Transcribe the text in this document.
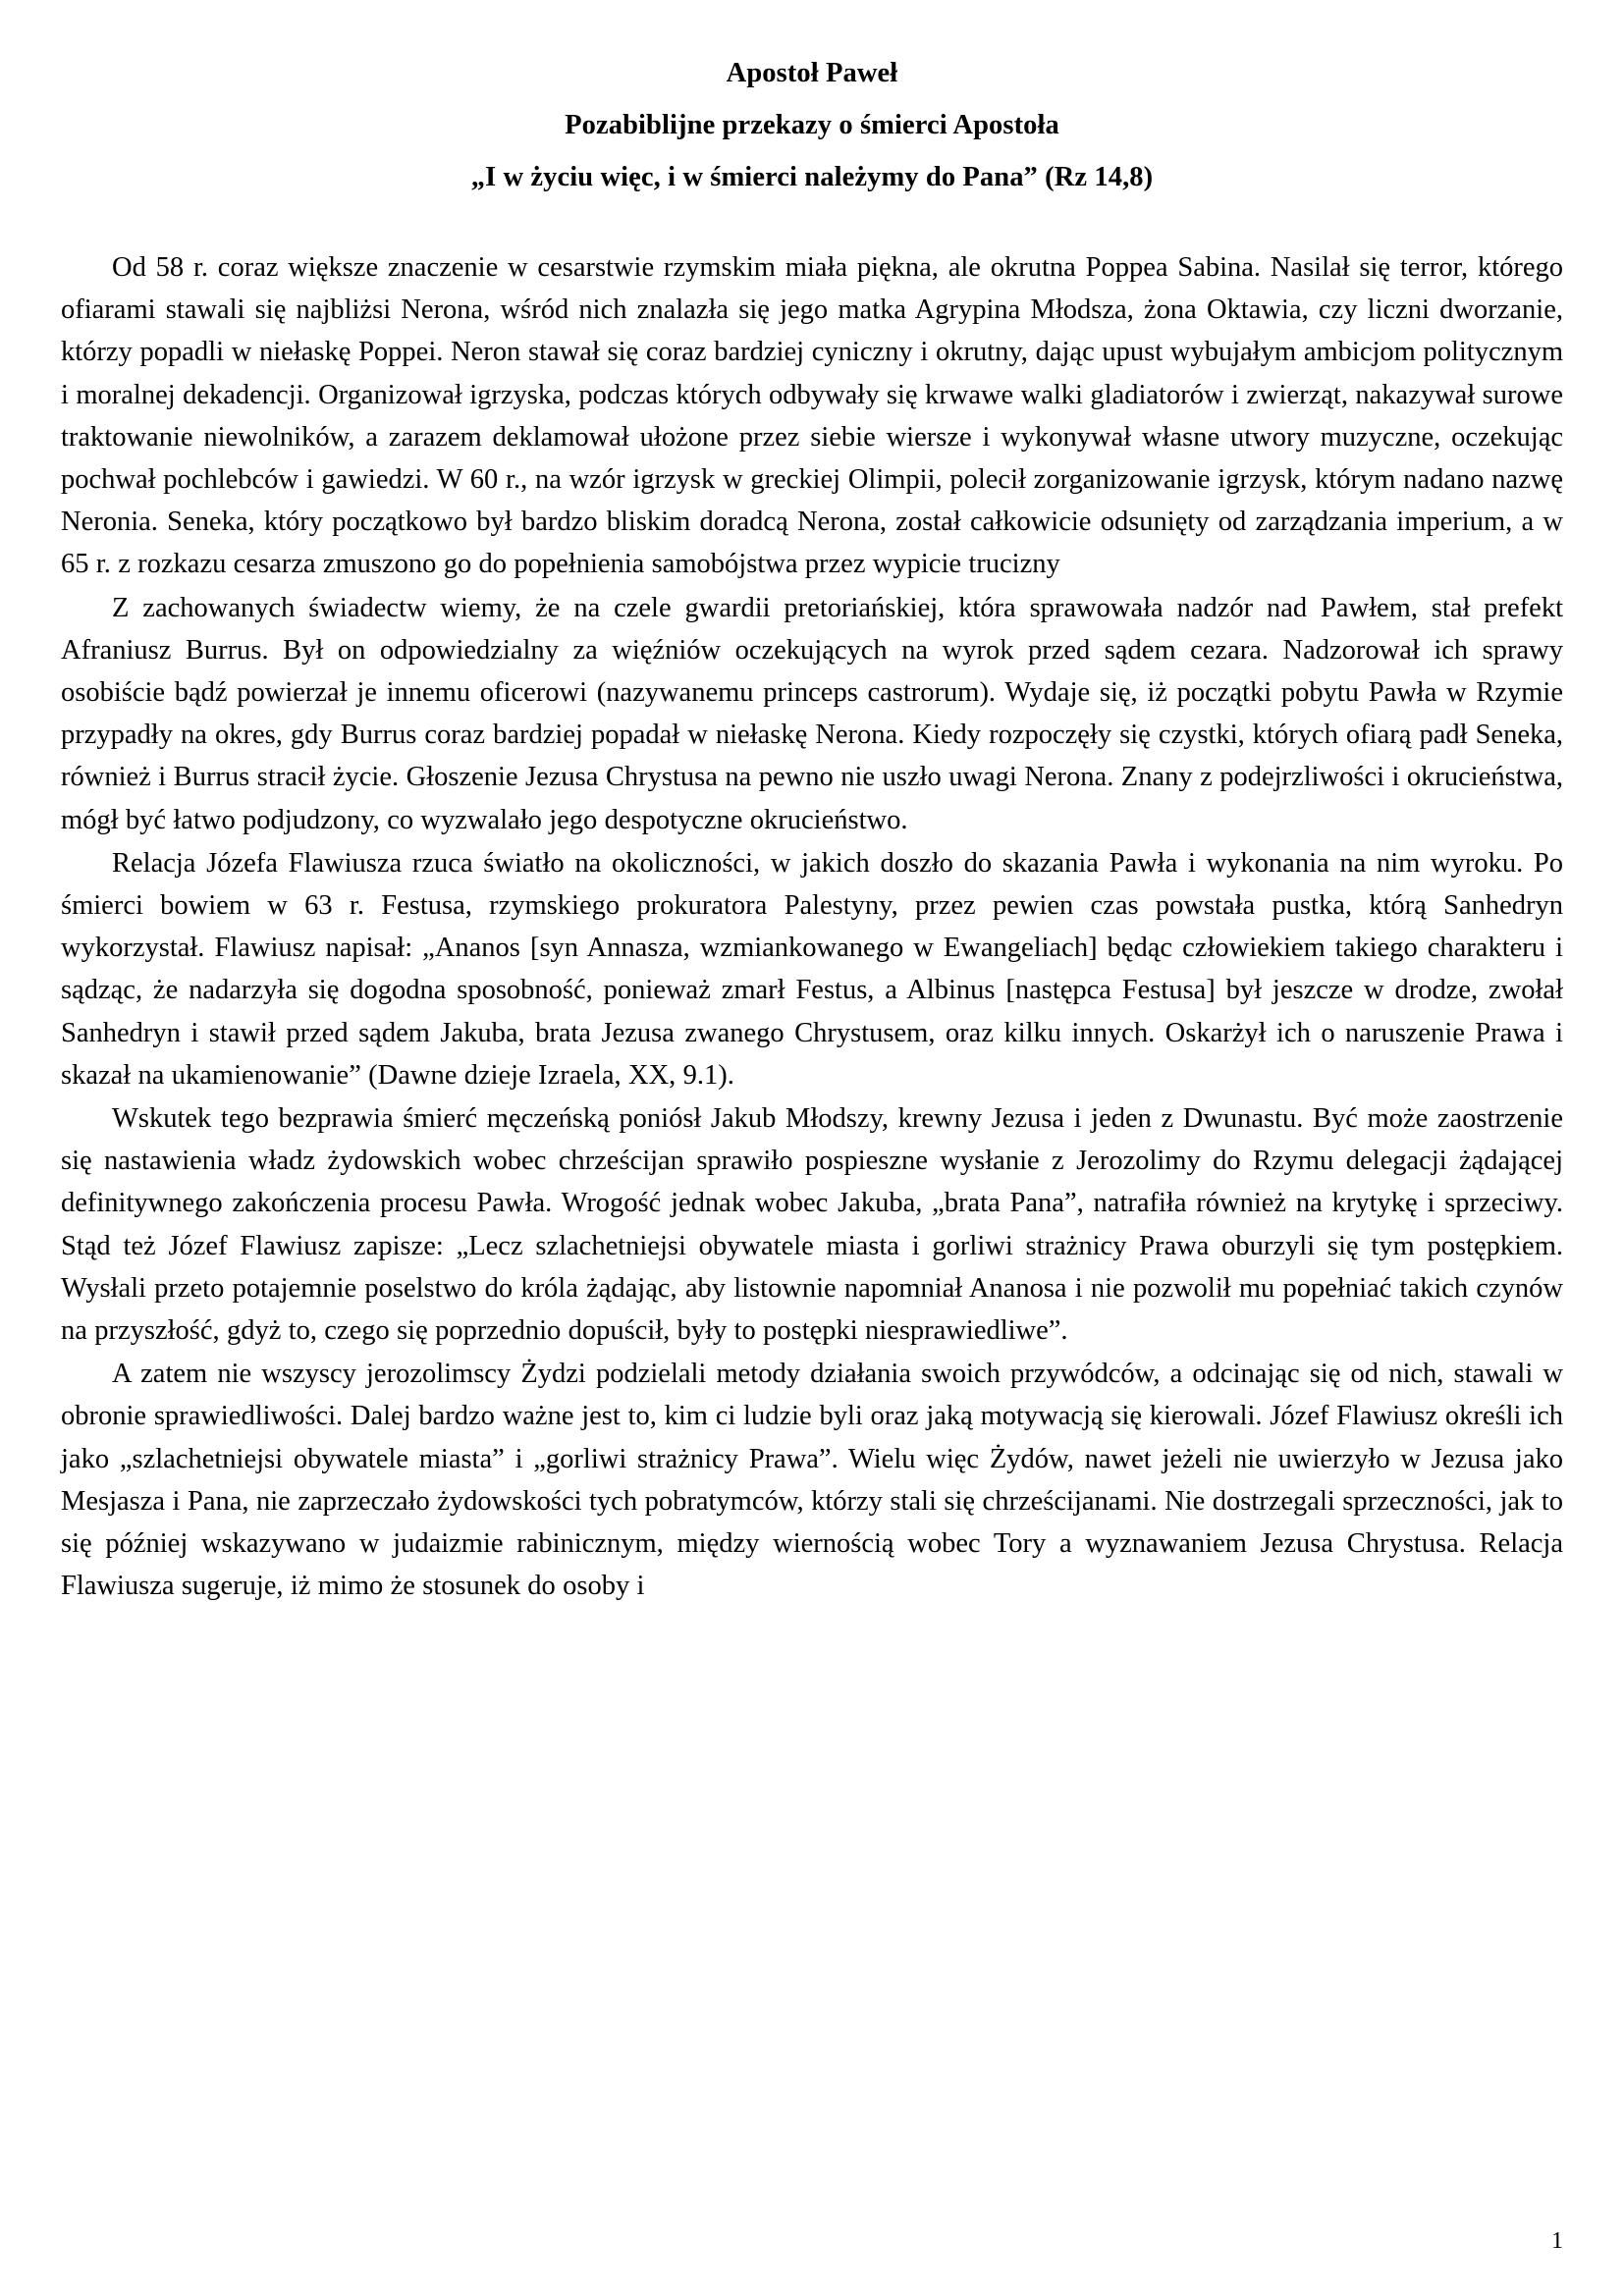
Apostoł Paweł
Pozabiblijne przekazy o śmierci Apostoła
„I w życiu więc, i w śmierci należymy do Pana” (Rz 14,8)

Od 58 r. coraz większe znaczenie w cesarstwie rzymskim miała piękna, ale okrutna Poppea Sabina. Nasilał się terror, którego ofiarami stawali się najbliżsi Nerona, wśród nich znalazła się jego matka Agrypina Młodsza, żona Oktawia, czy liczni dworzanie, którzy popadli w niełaskę Poppei. Neron stawał się coraz bardziej cyniczny i okrutny, dając upust wybujałym ambicjom politycznym i moralnej dekadencji. Organizował igrzyska, podczas których odbywały się krwawe walki gladiatorów i zwierząt, nakazywał surowe traktowanie niewolników, a zarazem deklamował ułożone przez siebie wiersze i wykonywał własne utwory muzyczne, oczekując pochwał pochlebców i gawiedzi. W 60 r., na wzór igrzysk w greckiej Olimpii, polecił zorganizowanie igrzysk, którym nadano nazwę Neronia. Seneka, który początkowo był bardzo bliskim doradcą Nerona, został całkowicie odsunięty od zarządzania imperium, a w 65 r. z rozkazu cesarza zmuszono go do popełnienia samobójstwa przez wypicie trucizny

Z zachowanych świadectw wiemy, że na czele gwardii pretoriańskiej, która sprawowała nadzór nad Pawłem, stał prefekt Afraniusz Burrus. Był on odpowiedzialny za więźniów oczekujących na wyrok przed sądem cezara. Nadzorował ich sprawy osobiście bądź powierzał je innemu oficerowi (nazywanemu princeps castrorum). Wydaje się, iż początki pobytu Pawła w Rzymie przypadły na okres, gdy Burrus coraz bardziej popadał w niełaskę Nerona. Kiedy rozpoczęły się czystki, których ofiarą padł Seneka, również i Burrus stracił życie. Głoszenie Jezusa Chrystusa na pewno nie uszło uwagi Nerona. Znany z podejrzliwości i okrucieństwa, mógł być łatwo podjudzony, co wyzwalało jego despotyczne okrucieństwo.

Relacja Józefa Flawiusza rzuca światło na okoliczności, w jakich doszło do skazania Pawła i wykonania na nim wyroku. Po śmierci bowiem w 63 r. Festusa, rzymskiego prokuratora Palestyny, przez pewien czas powstała pustka, którą Sanhedryn wykorzystał. Flawiusz napisał: „Ananos [syn Annasza, wzmiankowanego w Ewangeliach] będąc człowiekiem takiego charakteru i sądząc, że nadarzyła się dogodna sposobność, ponieważ zmarł Festus, a Albinus [następca Festusa] był jeszcze w drodze, zwołał Sanhedryn i stawił przed sądem Jakuba, brata Jezusa zwanego Chrystusem, oraz kilku innych. Oskarżył ich o naruszenie Prawa i skazał na ukamienowanie” (Dawne dzieje Izraela, XX, 9.1).

Wskutek tego bezprawia śmierć męczeńską poniósł Jakub Młodszy, krewny Jezusa i jeden z Dwunastu. Być może zaostrzenie się nastawienia władz żydowskich wobec chrześcijan sprawiło pospieszne wysłanie z Jerozolimy do Rzymu delegacji żądającej definitywnego zakończenia procesu Pawła. Wrogość jednak wobec Jakuba, „brata Pana”, natrafiła również na krytykę i sprzeciwy. Stąd też Józef Flawiusz zapisze: „Lecz szlachetniejsi obywatele miasta i gorliwi strażnicy Prawa oburzyli się tym postępkiem. Wysłali przeto potajemnie poselstwo do króla żądając, aby listownie napomniał Ananosa i nie pozwolił mu popełniać takich czynów na przyszłość, gdyż to, czego się poprzednio dopuścił, były to postępki niesprawiedliwe”.

A zatem nie wszyscy jerozolimscy Żydzi podzielali metody działania swoich przywódców, a odcinając się od nich, stawali w obronie sprawiedliwości. Dalej bardzo ważne jest to, kim ci ludzie byli oraz jaką motywacją się kierowali. Józef Flawiusz określi ich jako „szlachetniejsi obywatele miasta” i „gorliwi strażnicy Prawa”. Wielu więc Żydów, nawet jeżeli nie uwierzyło w Jezusa jako Mesjasza i Pana, nie zaprzeczało żydowskości tych pobratymców, którzy stali się chrześcijanami. Nie dostrzegali sprzeczności, jak to się później wskazywano w judaizmie rabinicznym, między wiernością wobec Tory a wyznawaniem Jezusa Chrystusa. Relacja Flawiusza sugeruje, iż mimo że stosunek do osoby i

1
